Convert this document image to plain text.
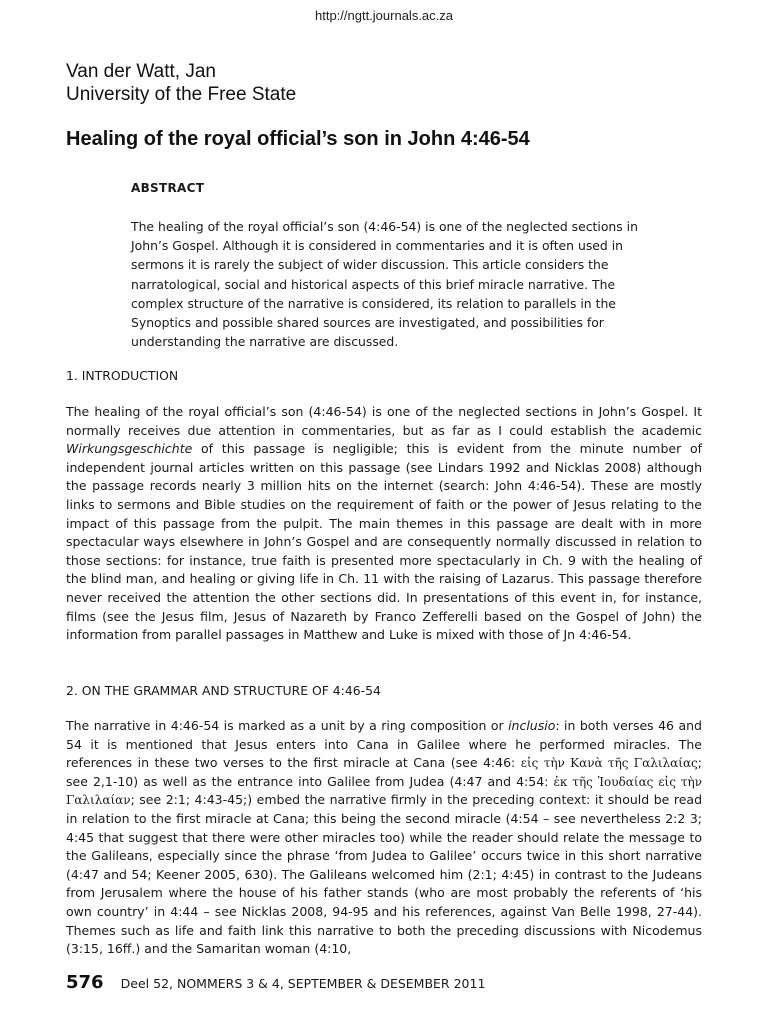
http://ngtt.journals.ac.za
Van der Watt, Jan
University of the Free State
Healing of the royal official’s son in John 4:46-54
ABSTRACT
The healing of the royal official’s son (4:46-54) is one of the neglected sections in John’s Gospel. Although it is considered in commentaries and it is often used in sermons it is rarely the subject of wider discussion. This article considers the narratological, social and historical aspects of this brief miracle narrative. The complex structure of the narrative is considered, its relation to parallels in the Synoptics and possible shared sources are investigated, and possibilities for understanding the narrative are discussed.
1. INTRODUCTION
The healing of the royal official’s son (4:46-54) is one of the neglected sections in John’s Gospel. It normally receives due attention in commentaries, but as far as I could establish the academic Wirkungsgeschichte of this passage is negligible; this is evident from the minute number of independent journal articles written on this passage (see Lindars 1992 and Nicklas 2008) although the passage records nearly 3 million hits on the internet (search: John 4:46-54). These are mostly links to sermons and Bible studies on the requirement of faith or the power of Jesus relating to the impact of this passage from the pulpit. The main themes in this passage are dealt with in more spectacular ways elsewhere in John’s Gospel and are consequently normally discussed in relation to those sections: for instance, true faith is presented more spectacularly in Ch. 9 with the healing of the blind man, and healing or giving life in Ch. 11 with the raising of Lazarus. This passage therefore never received the attention the other sections did. In presentations of this event in, for instance, films (see the Jesus film, Jesus of Nazareth by Franco Zefferelli based on the Gospel of John) the information from parallel passages in Matthew and Luke is mixed with those of Jn 4:46-54.
2. ON THE GRAMMAR AND STRUCTURE OF 4:46-54
The narrative in 4:46-54 is marked as a unit by a ring composition or inclusio: in both verses 46 and 54 it is mentioned that Jesus enters into Cana in Galilee where he performed miracles. The references in these two verses to the first miracle at Cana (see 4:46: εἰς τὴν Κανὰ τῆς Γαλιλαίας; see 2,1-10) as well as the entrance into Galilee from Judea (4:47 and 4:54: ἐκ τῆς Ἰουδαίας εἰς τὴν Γαλιλαίαν; see 2:1; 4:43-45;) embed the narrative firmly in the preceding context: it should be read in relation to the first miracle at Cana; this being the second miracle (4:54 – see nevertheless 2:2 3; 4:45 that suggest that there were other miracles too) while the reader should relate the message to the Galileans, especially since the phrase ‘from Judea to Galilee’ occurs twice in this short narrative (4:47 and 54; Keener 2005, 630). The Galileans welcomed him (2:1; 4:45) in contrast to the Judeans from Jerusalem where the house of his father stands (who are most probably the referents of ‘his own country’ in 4:44 – see Nicklas 2008, 94-95 and his references, against Van Belle 1998, 27-44). Themes such as life and faith link this narrative to both the preceding discussions with Nicodemus (3:15, 16ff.) and the Samaritan woman (4:10,
576 Deel 52, NOMMERS 3 & 4, SEPTEMBER & DESEMBER 2011
